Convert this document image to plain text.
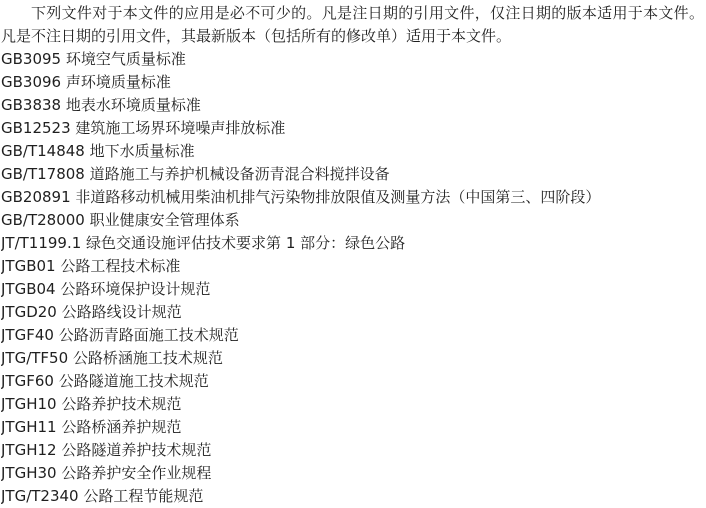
下列文件对于本文件的应用是必不可少的。凡是注日期的引用文件，仅注日期的版本适用于本文件。凡是不注日期的引用文件，其最新版本（包括所有的修改单）适用于本文件。

GB3095 环境空气质量标准
GB3096 声环境质量标准
GB3838 地表水环境质量标准
GB12523 建筑施工场界环境噪声排放标准
GB/T14848 地下水质量标准
GB/T17808 道路施工与养护机械设备沥青混合料搅拌设备
GB20891 非道路移动机械用柴油机排气污染物排放限值及测量方法（中国第三、四阶段）
GB/T28000 职业健康安全管理体系
JT/T1199.1 绿色交通设施评估技术要求第 1 部分：绿色公路
JTGB01 公路工程技术标准
JTGB04 公路环境保护设计规范
JTGD20 公路路线设计规范
JTGF40 公路沥青路面施工技术规范
JTG/TF50 公路桥涵施工技术规范
JTGF60 公路隧道施工技术规范
JTGH10 公路养护技术规范
JTGH11 公路桥涵养护规范
JTGH12 公路隧道养护技术规范
JTGH30 公路养护安全作业规程
JTG/T2340 公路工程节能规范
